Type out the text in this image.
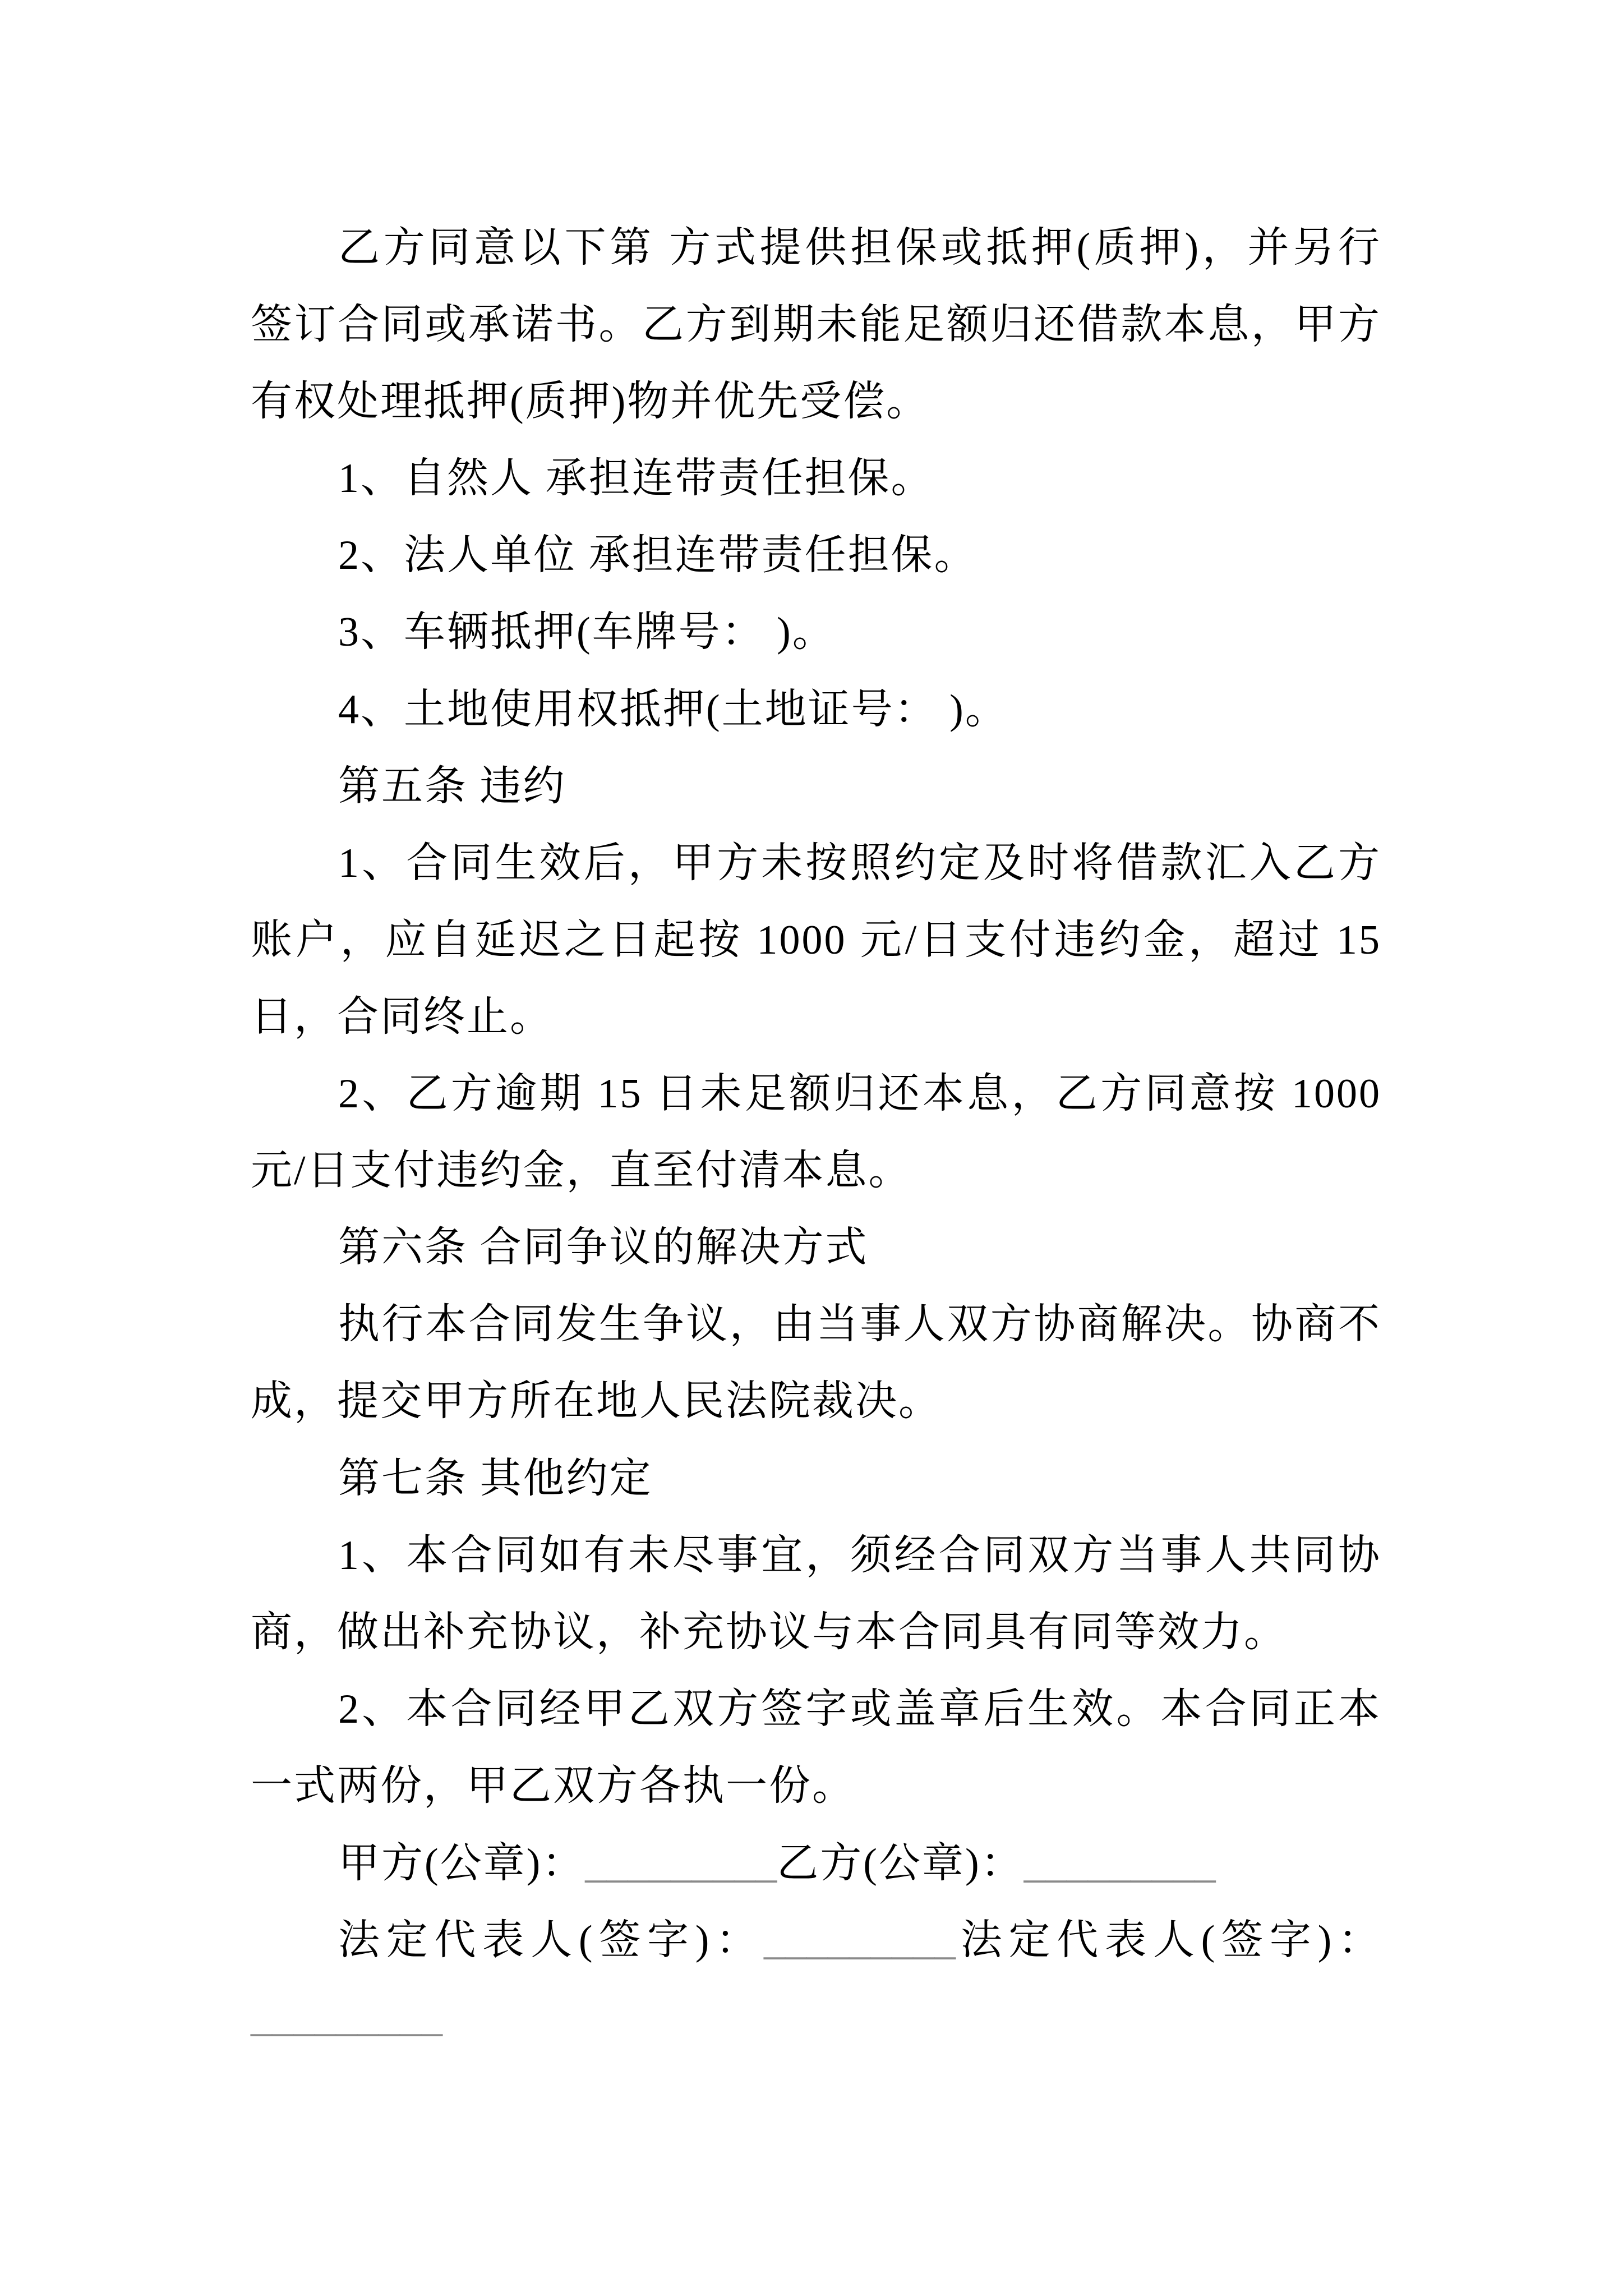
乙方同意以下第 方式提供担保或抵押(质押)，并另行
签订合同或承诺书。乙方到期未能足额归还借款本息，甲方
有权处理抵押(质押)物并优先受偿。
1、自然人 承担连带责任担保。
2、法人单位 承担连带责任担保。
3、车辆抵押(车牌号： )。
4、土地使用权抵押(土地证号： )。
第五条 违约
1、合同生效后，甲方未按照约定及时将借款汇入乙方
账户，应自延迟之日起按 1000 元/日支付违约金，超过 15
日，合同终止。
2、乙方逾期 15 日未足额归还本息，乙方同意按 1000
元/日支付违约金，直至付清本息。
第六条 合同争议的解决方式
执行本合同发生争议，由当事人双方协商解决。协商不
成，提交甲方所在地人民法院裁决。
第七条 其他约定
1、本合同如有未尽事宜，须经合同双方当事人共同协
商，做出补充协议，补充协议与本合同具有同等效力。
2、本合同经甲乙双方签字或盖章后生效。本合同正本
一式两份，甲乙双方各执一份。
甲方(公章)：_________乙方(公章)：_________
法定代表人(签字)：_________法定代表人(签字)：
_________
